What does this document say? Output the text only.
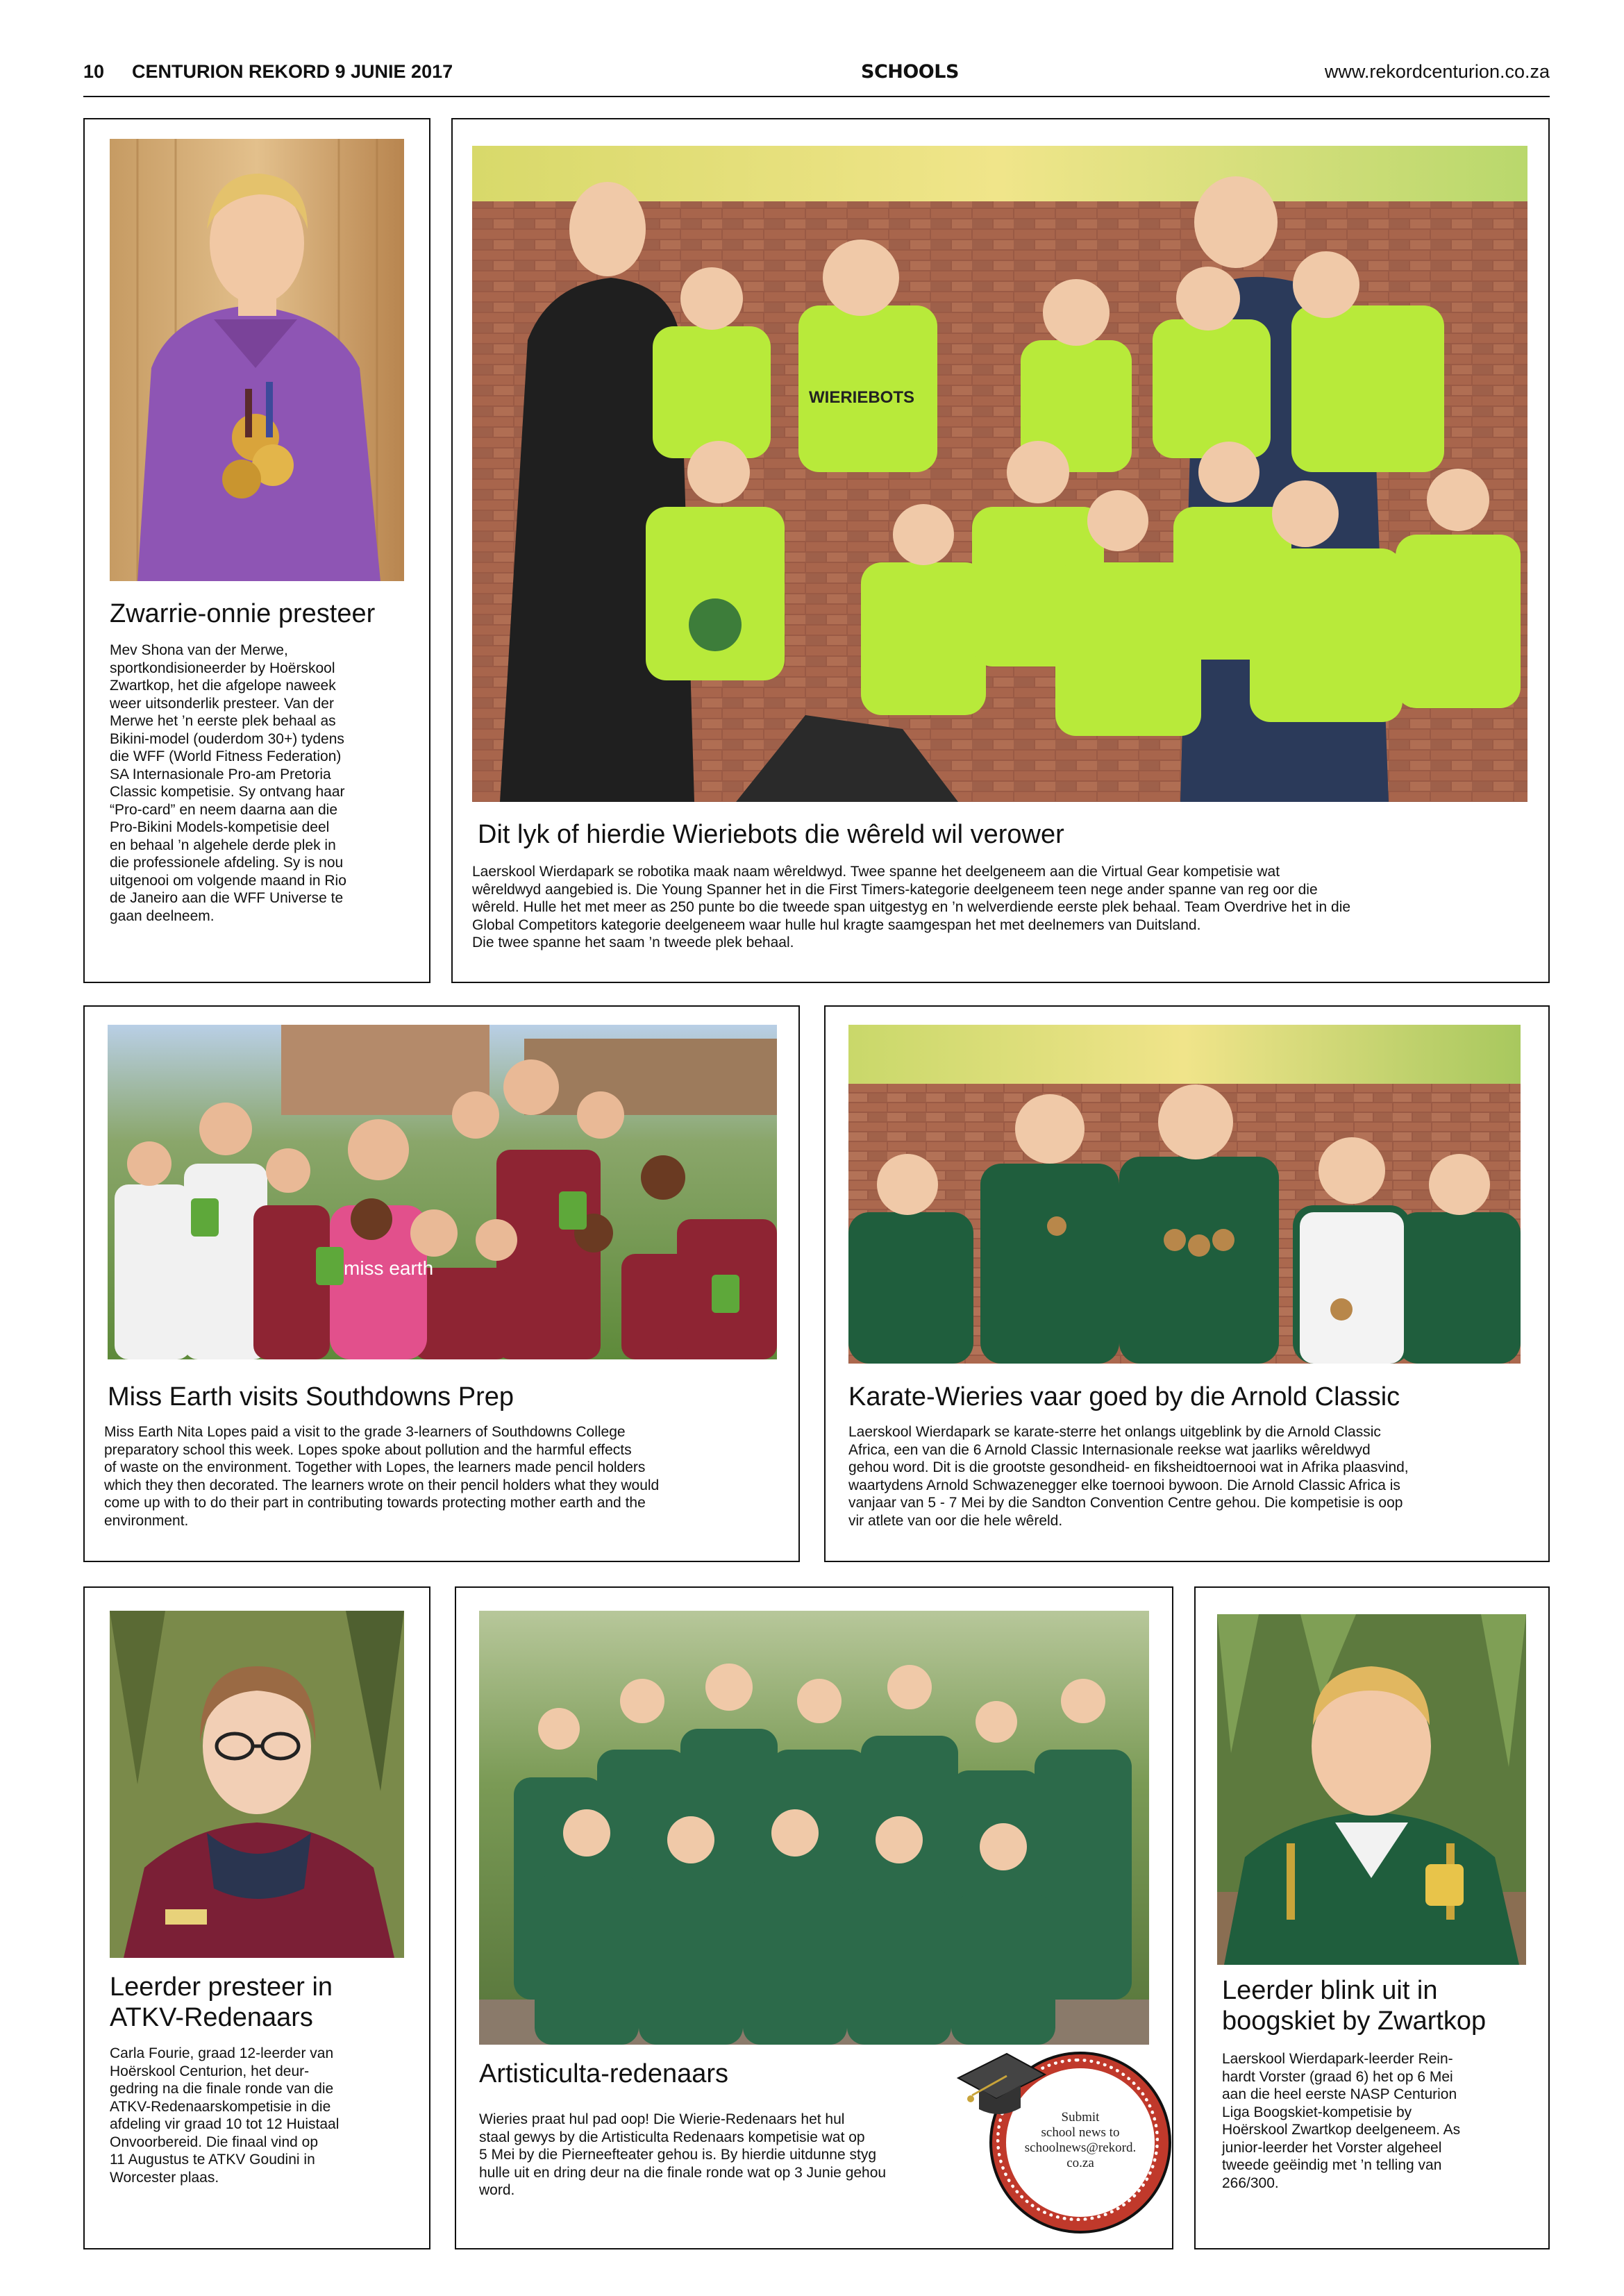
10 CENTURION REKORD 9 JUNIE 2017	SCHOOLS	www.rekordcenturion.co.za
Zwarrie-onnie presteer
Mev Shona van der Merwe,
sportkondisioneerder by Hoërskool
Zwartkop, het die afgelope naweek
weer uitsonderlik presteer. Van der
Merwe het ’n eerste plek behaal as
Bikini-model (ouderdom 30+) tydens
die WFF (World Fitness Federation)
SA Internasionale Pro-am Pretoria
Classic kompetisie. Sy ontvang haar
“Pro-card” en neem daarna aan die
Pro-Bikini Models-kompetisie deel
en behaal ’n algehele derde plek in
die professionele afdeling. Sy is nou
uitgenooi om volgende maand in Rio
de Janeiro aan die WFF Universe te
gaan deelneem.
WIERIEBOTS
Dit lyk of hierdie Wieriebots die wêreld wil verower
Laerskool Wierdapark se robotika maak naam wêreldwyd. Twee spanne het deelgeneem aan die Virtual Gear kompetisie wat
wêreldwyd aangebied is. Die Young Spanner het in die First Timers-kategorie deelgeneem teen nege ander spanne van reg oor die
wêreld. Hulle het met meer as 250 punte bo die tweede span uitgestyg en ’n welverdiende eerste plek behaal. Team Overdrive het in die
Global Competitors kategorie deelgeneem waar hulle hul kragte saamgespan het met deelnemers van Duitsland.
Die twee spanne het saam ’n tweede plek behaal.
miss earth
Miss Earth visits Southdowns Prep
Miss Earth Nita Lopes paid a visit to the grade 3-learners of Southdowns College
preparatory school this week. Lopes spoke about pollution and the harmful effects
of waste on the environment. Together with Lopes, the learners made pencil holders
which they then decorated. The learners wrote on their pencil holders what they would
come up with to do their part in contributing towards protecting mother earth and the
environment.
Karate-Wieries vaar goed by die Arnold Classic
Laerskool Wierdapark se karate-sterre het onlangs uitgeblink by die Arnold Classic
Africa, een van die 6 Arnold Classic Internasionale reekse wat jaarliks wêreldwyd
gehou word. Dit is die grootste gesondheid- en fiksheidtoernooi wat in Afrika plaasvind,
waartydens Arnold Schwazenegger elke toernooi bywoon. Die Arnold Classic Africa is
vanjaar van 5 - 7 Mei by die Sandton Convention Centre gehou. Die kompetisie is oop
vir atlete van oor die hele wêreld.
Leerder presteer in
ATKV-Redenaars
Carla Fourie, graad 12-leerder van
Hoërskool Centurion, het deur-
gedring na die finale ronde van die
ATKV-Redenaarskompetisie in die
afdeling vir graad 10 tot 12 Huistaal
Onvoorbereid. Die finaal vind op
11 Augustus te ATKV Goudini in
Worcester plaas.
Artisticulta-redenaars
Wieries praat hul pad oop! Die Wierie-Redenaars het hul
staal gewys by die Artisticulta Redenaars kompetisie wat op
5 Mei by die Pierneefteater gehou is. By hierdie uitdunne styg
hulle uit en dring deur na die finale ronde wat op 3 Junie gehou
word.
Submit
school news to
schoolnews@rekord.
co.za
Leerder blink uit in
boogskiet by Zwartkop
Laerskool Wierdapark-leerder Rein-
hardt Vorster (graad 6) het op 6 Mei
aan die heel eerste NASP Centurion
Liga Boogskiet-kompetisie by
Hoërskool Zwartkop deelgeneem. As
junior-leerder het Vorster algeheel
tweede geëindig met ’n telling van
266/300.
